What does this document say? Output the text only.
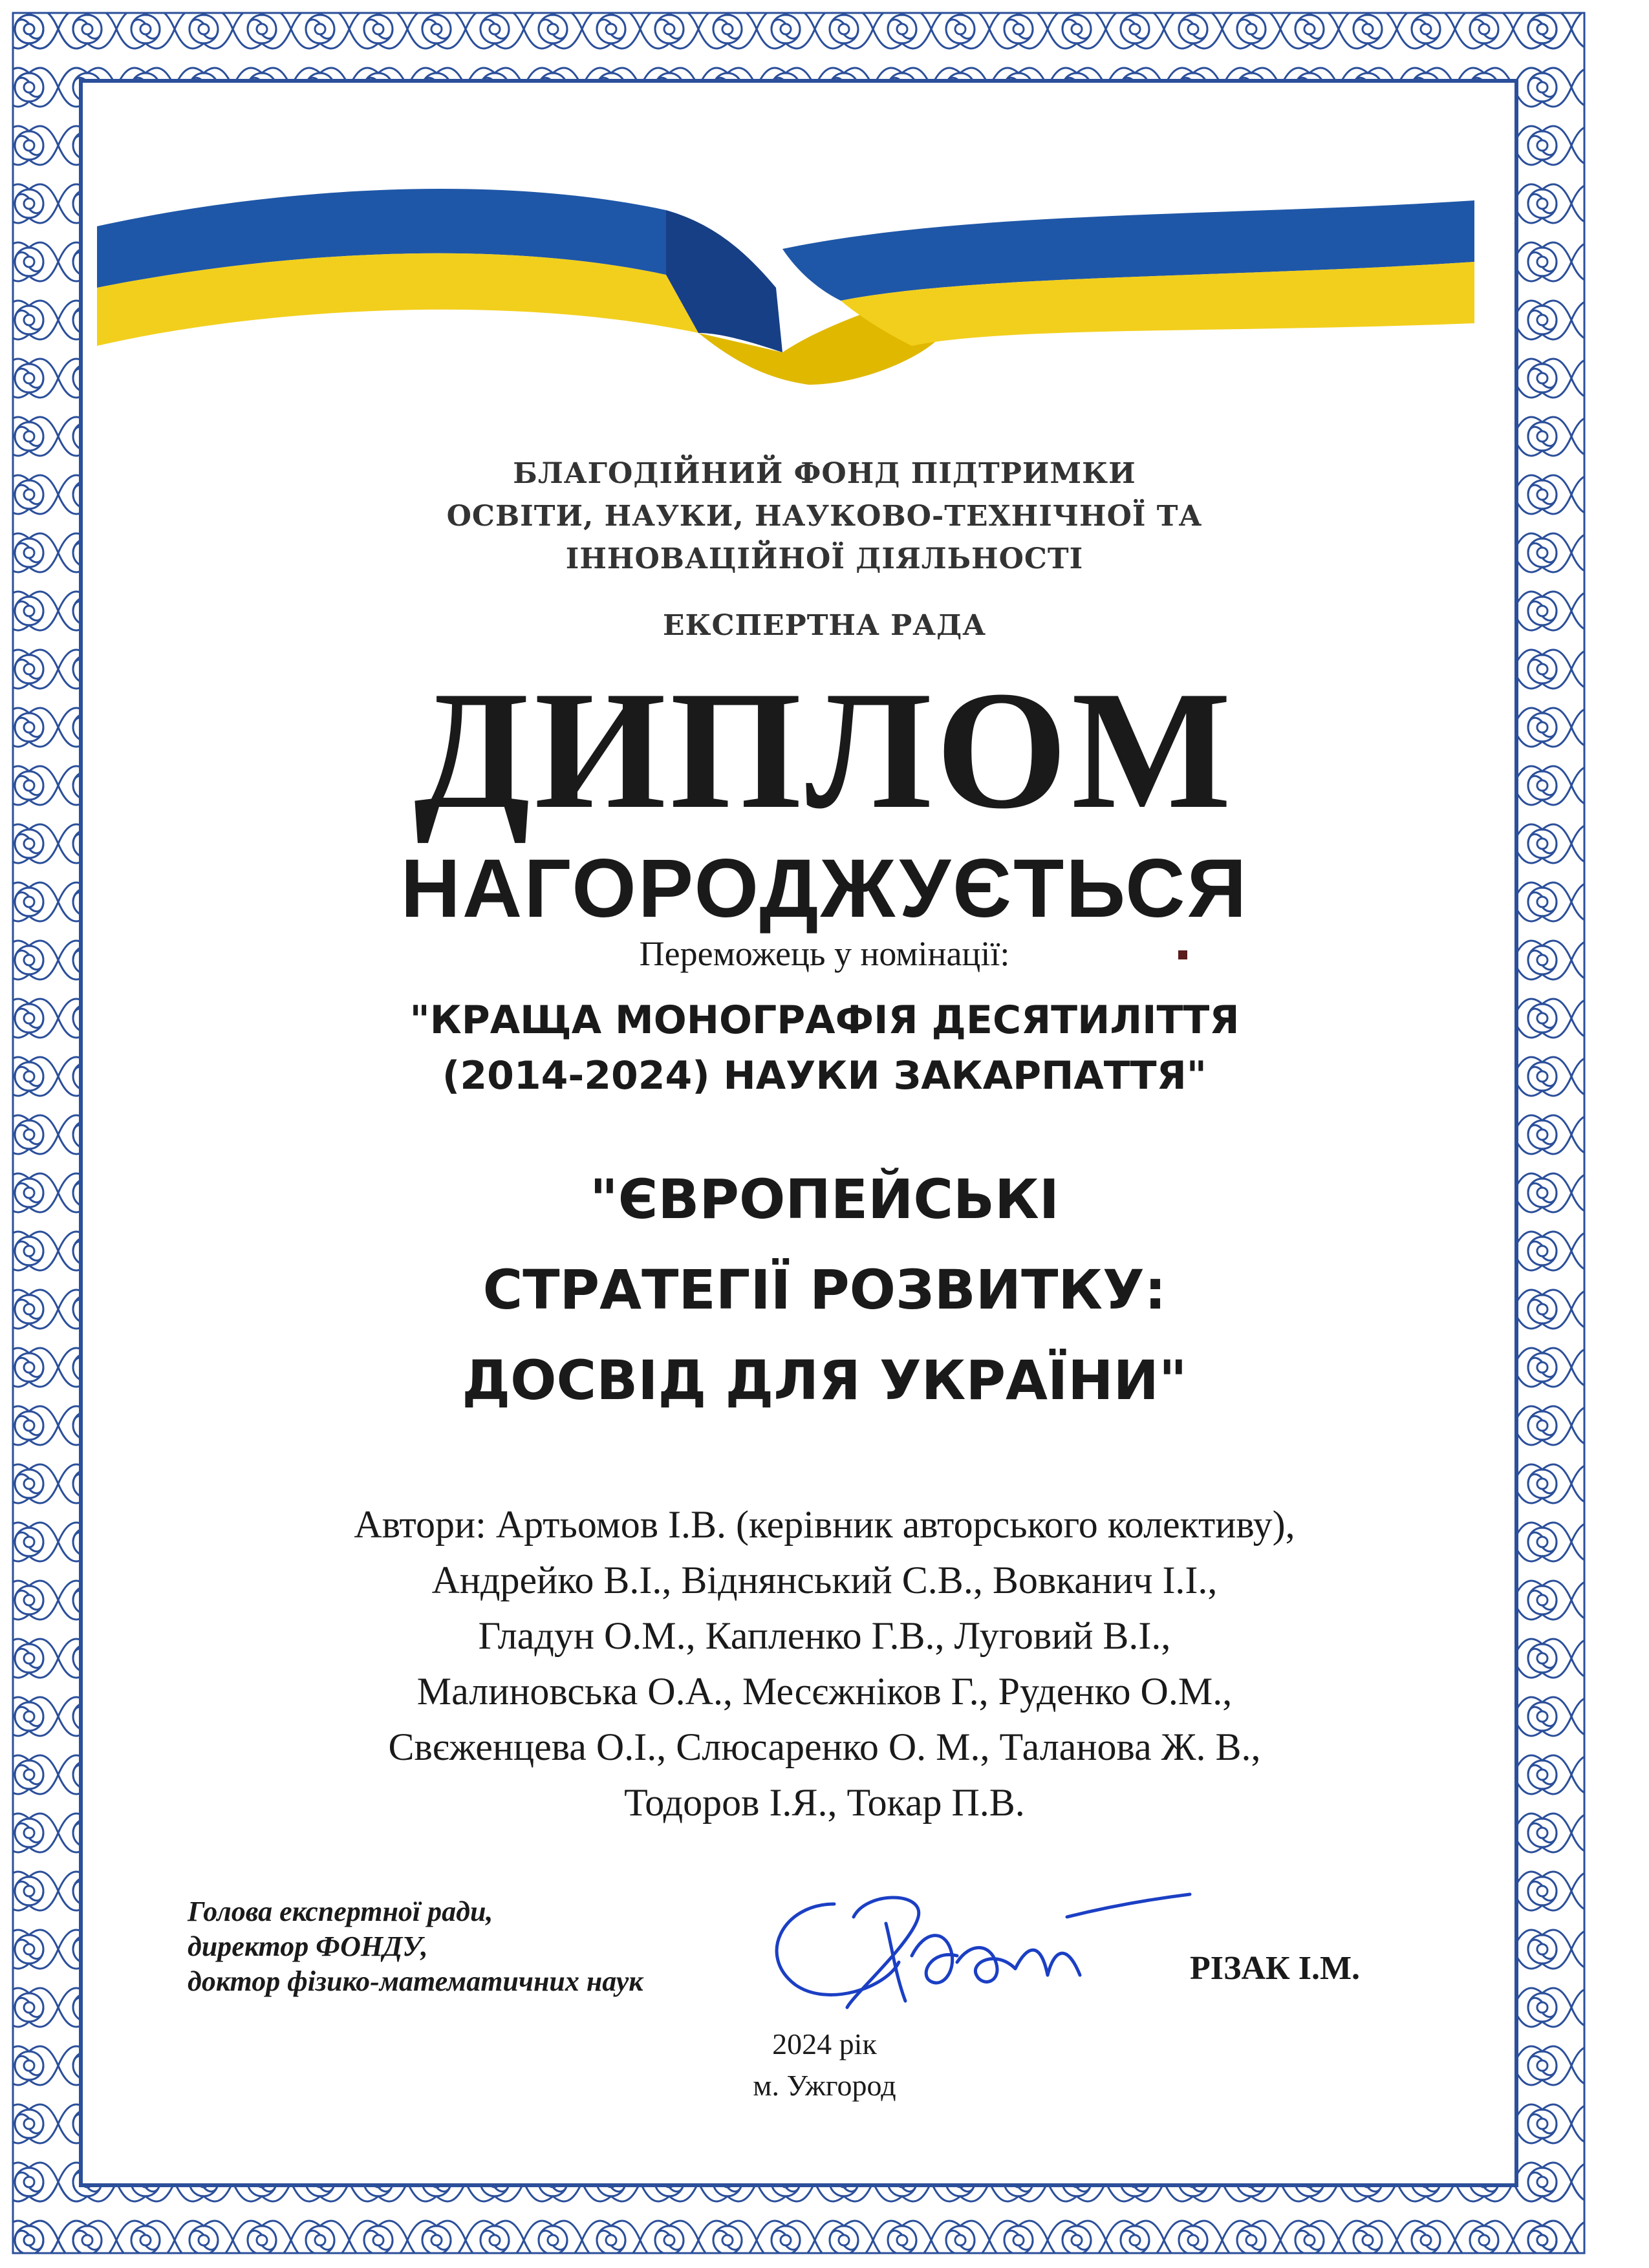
БЛАГОДІЙНИЙ ФОНД ПІДТРИМКИ
ОСВІТИ, НАУКИ, НАУКОВО-ТЕХНІЧНОЇ ТА
ІННОВАЦІЙНОЇ ДІЯЛЬНОСТІ
ЕКСПЕРТНА РАДА
ДИПЛОМ
НАГОРОДЖУЄТЬСЯ
Переможець у номінації:
"КРАЩА МОНОГРАФІЯ ДЕСЯТИЛІТТЯ
(2014-2024) НАУКИ ЗАКАРПАТТЯ"
"ЄВРОПЕЙСЬКІ
СТРАТЕГІЇ РОЗВИТКУ:
ДОСВІД ДЛЯ УКРАЇНИ"
Автори: Артьомов І.В. (керівник авторського колективу),
Андрейко В.І., Віднянський С.В., Вовканич І.І.,
Гладун О.М., Капленко Г.В., Луговий В.І.,
Малиновська О.А., Месєжніков Г., Руденко О.М.,
Свєженцева О.І., Слюсаренко О. М., Таланова Ж. В.,
Тодоров І.Я., Токар П.В.
Голова експертної ради,
директор ФОНДУ,
доктор фізико-математичних наук	РІЗАК І.М.
2024 рік
м. Ужгород
